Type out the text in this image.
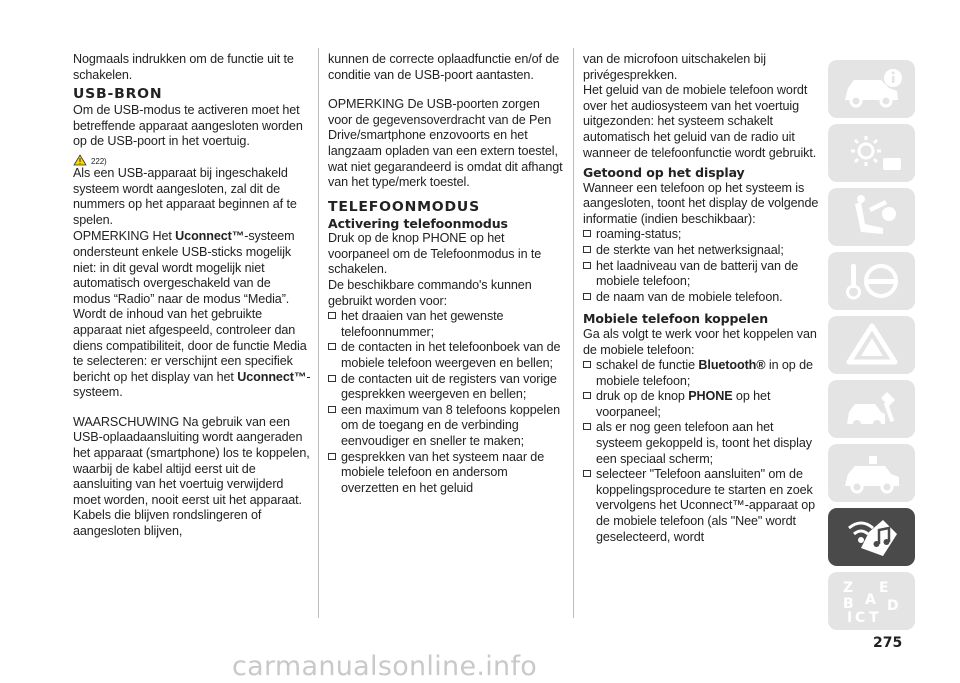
Nogmaals indrukken om de functie uit te schakelen.

USB-BRON

Om de USB-modus te activeren moet het betreffende apparaat aangesloten worden op de USB-poort in het voertuig.

222)

Als een USB-apparaat bij ingeschakeld systeem wordt aangesloten, zal dit de nummers op het apparaat beginnen af te spelen.

OPMERKING Het Uconnect™-systeem ondersteunt enkele USB-sticks mogelijk niet: in dit geval wordt mogelijk niet automatisch overgeschakeld van de modus “Radio” naar de modus “Media”. Wordt de inhoud van het gebruikte apparaat niet afgespeeld, controleer dan diens compatibiliteit, door de functie Media te selecteren: er verschijnt een specifiek bericht op het display van het Uconnect™-systeem.

WAARSCHUWING Na gebruik van een USB-oplaadaansluiting wordt aangeraden het apparaat (smartphone) los te koppelen, waarbij de kabel altijd eerst uit de aansluiting van het voertuig verwijderd moet worden, nooit eerst uit het apparaat. Kabels die blijven rondslingeren of aangesloten blijven,

kunnen de correcte oplaadfunctie en/of de conditie van de USB-poort aantasten.

OPMERKING De USB-poorten zorgen voor de gegevensoverdracht van de Pen Drive/smartphone enzovoorts en het langzaam opladen van een extern toestel, wat niet gegarandeerd is omdat dit afhangt van het type/merk toestel.

TELEFOONMODUS
Activering telefoonmodus

Druk op de knop PHONE op het voorpaneel om de Telefoonmodus in te schakelen.

De beschikbare commando's kunnen gebruikt worden voor:

het draaien van het gewenste telefoonnummer;
de contacten in het telefoonboek van de mobiele telefoon weergeven en bellen;
de contacten uit de registers van vorige gesprekken weergeven en bellen;
een maximum van 8 telefoons koppelen om de toegang en de verbinding eenvoudiger en sneller te maken;
gesprekken van het systeem naar de mobiele telefoon en andersom overzetten en het geluid

van de microfoon uitschakelen bij privégesprekken.

Het geluid van de mobiele telefoon wordt over het audiosysteem van het voertuig uitgezonden: het systeem schakelt automatisch het geluid van de radio uit wanneer de telefoonfunctie wordt gebruikt.

Getoond op het display

Wanneer een telefoon op het systeem is aangesloten, toont het display de volgende informatie (indien beschikbaar):

roaming-status;
de sterkte van het netwerksignaal;
het laadniveau van de batterij van de mobiele telefoon;
de naam van de mobiele telefoon.
Mobiele telefoon koppelen

Ga als volgt te werk voor het koppelen van de mobiele telefoon:

schakel de functie Bluetooth® in op de mobiele telefoon;
druk op de knop PHONE op het voorpaneel;
als er nog geen telefoon aan het systeem gekoppeld is, toont het display een speciaal scherm;
selecteer "Telefoon aansluiten" om de koppelingsprocedure te starten en zoek vervolgens het Uconnect™-apparaat op de mobiele telefoon (als "Nee" wordt geselecteerd, wordt
Z E
A
B D
I C T
275
carmanualsonline.info
